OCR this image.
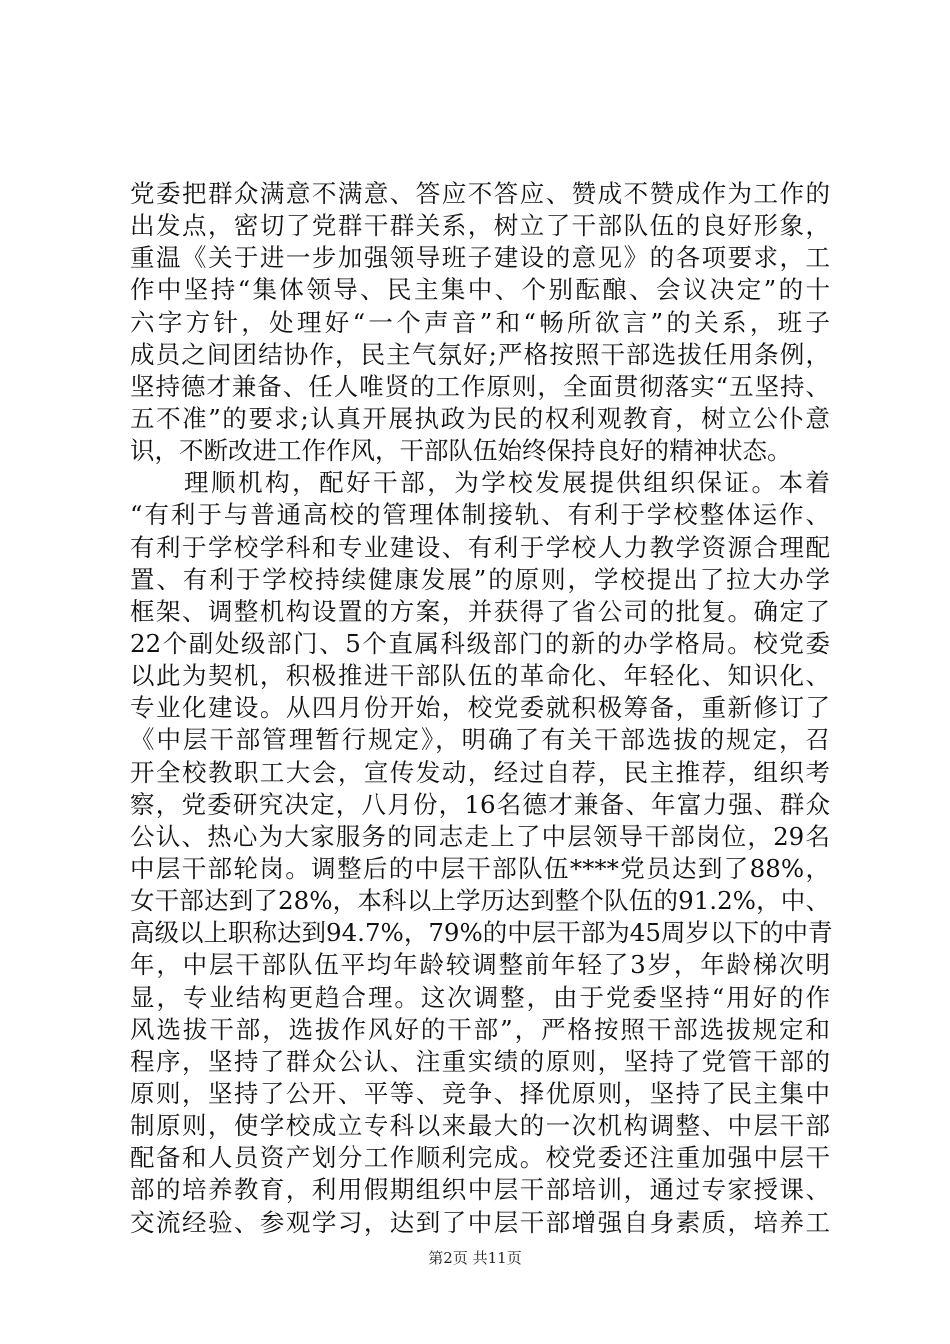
党委把群众满意不满意、答应不答应、赞成不赞成作为工作的
出发点，密切了党群干群关系，树立了干部队伍的良好形象，
重温《关于进一步加强领导班子建设的意见》的各项要求，工
作中坚持“集体领导、民主集中、个别酝酿、会议决定”的十
六字方针，处理好“一个声音”和“畅所欲言”的关系，班子
成员之间团结协作，民主气氛好;严格按照干部选拔任用条例，
坚持德才兼备、任人唯贤的工作原则，全面贯彻落实“五坚持、
五不准”的要求;认真开展执政为民的权利观教育，树立公仆意
识，不断改进工作作风，干部队伍始终保持良好的精神状态。
　　理顺机构，配好干部，为学校发展提供组织保证。本着
“有利于与普通高校的管理体制接轨、有利于学校整体运作、
有利于学校学科和专业建设、有利于学校人力教学资源合理配
置、有利于学校持续健康发展”的原则，学校提出了拉大办学
框架、调整机构设置的方案，并获得了省公司的批复。确定了
22个副处级部门、5个直属科级部门的新的办学格局。校党委
以此为契机，积极推进干部队伍的革命化、年轻化、知识化、
专业化建设。从四月份开始，校党委就积极筹备，重新修订了
《中层干部管理暂行规定》，明确了有关干部选拔的规定，召
开全校教职工大会，宣传发动，经过自荐，民主推荐，组织考
察，党委研究决定，八月份，16名德才兼备、年富力强、群众
公认、热心为大家服务的同志走上了中层领导干部岗位，29名
中层干部轮岗。调整后的中层干部队伍****党员达到了88%，
女干部达到了28%，本科以上学历达到整个队伍的91.2%，中、
高级以上职称达到94.7%，79%的中层干部为45周岁以下的中青
年，中层干部队伍平均年龄较调整前年轻了3岁，年龄梯次明
显，专业结构更趋合理。这次调整，由于党委坚持“用好的作
风选拔干部，选拔作风好的干部”，严格按照干部选拔规定和
程序，坚持了群众公认、注重实绩的原则，坚持了党管干部的
原则，坚持了公开、平等、竞争、择优原则，坚持了民主集中
制原则，使学校成立专科以来最大的一次机构调整、中层干部
配备和人员资产划分工作顺利完成。校党委还注重加强中层干
部的培养教育，利用假期组织中层干部培训，通过专家授课、
交流经验、参观学习，达到了中层干部增强自身素质，培养工
第2页 共11页
